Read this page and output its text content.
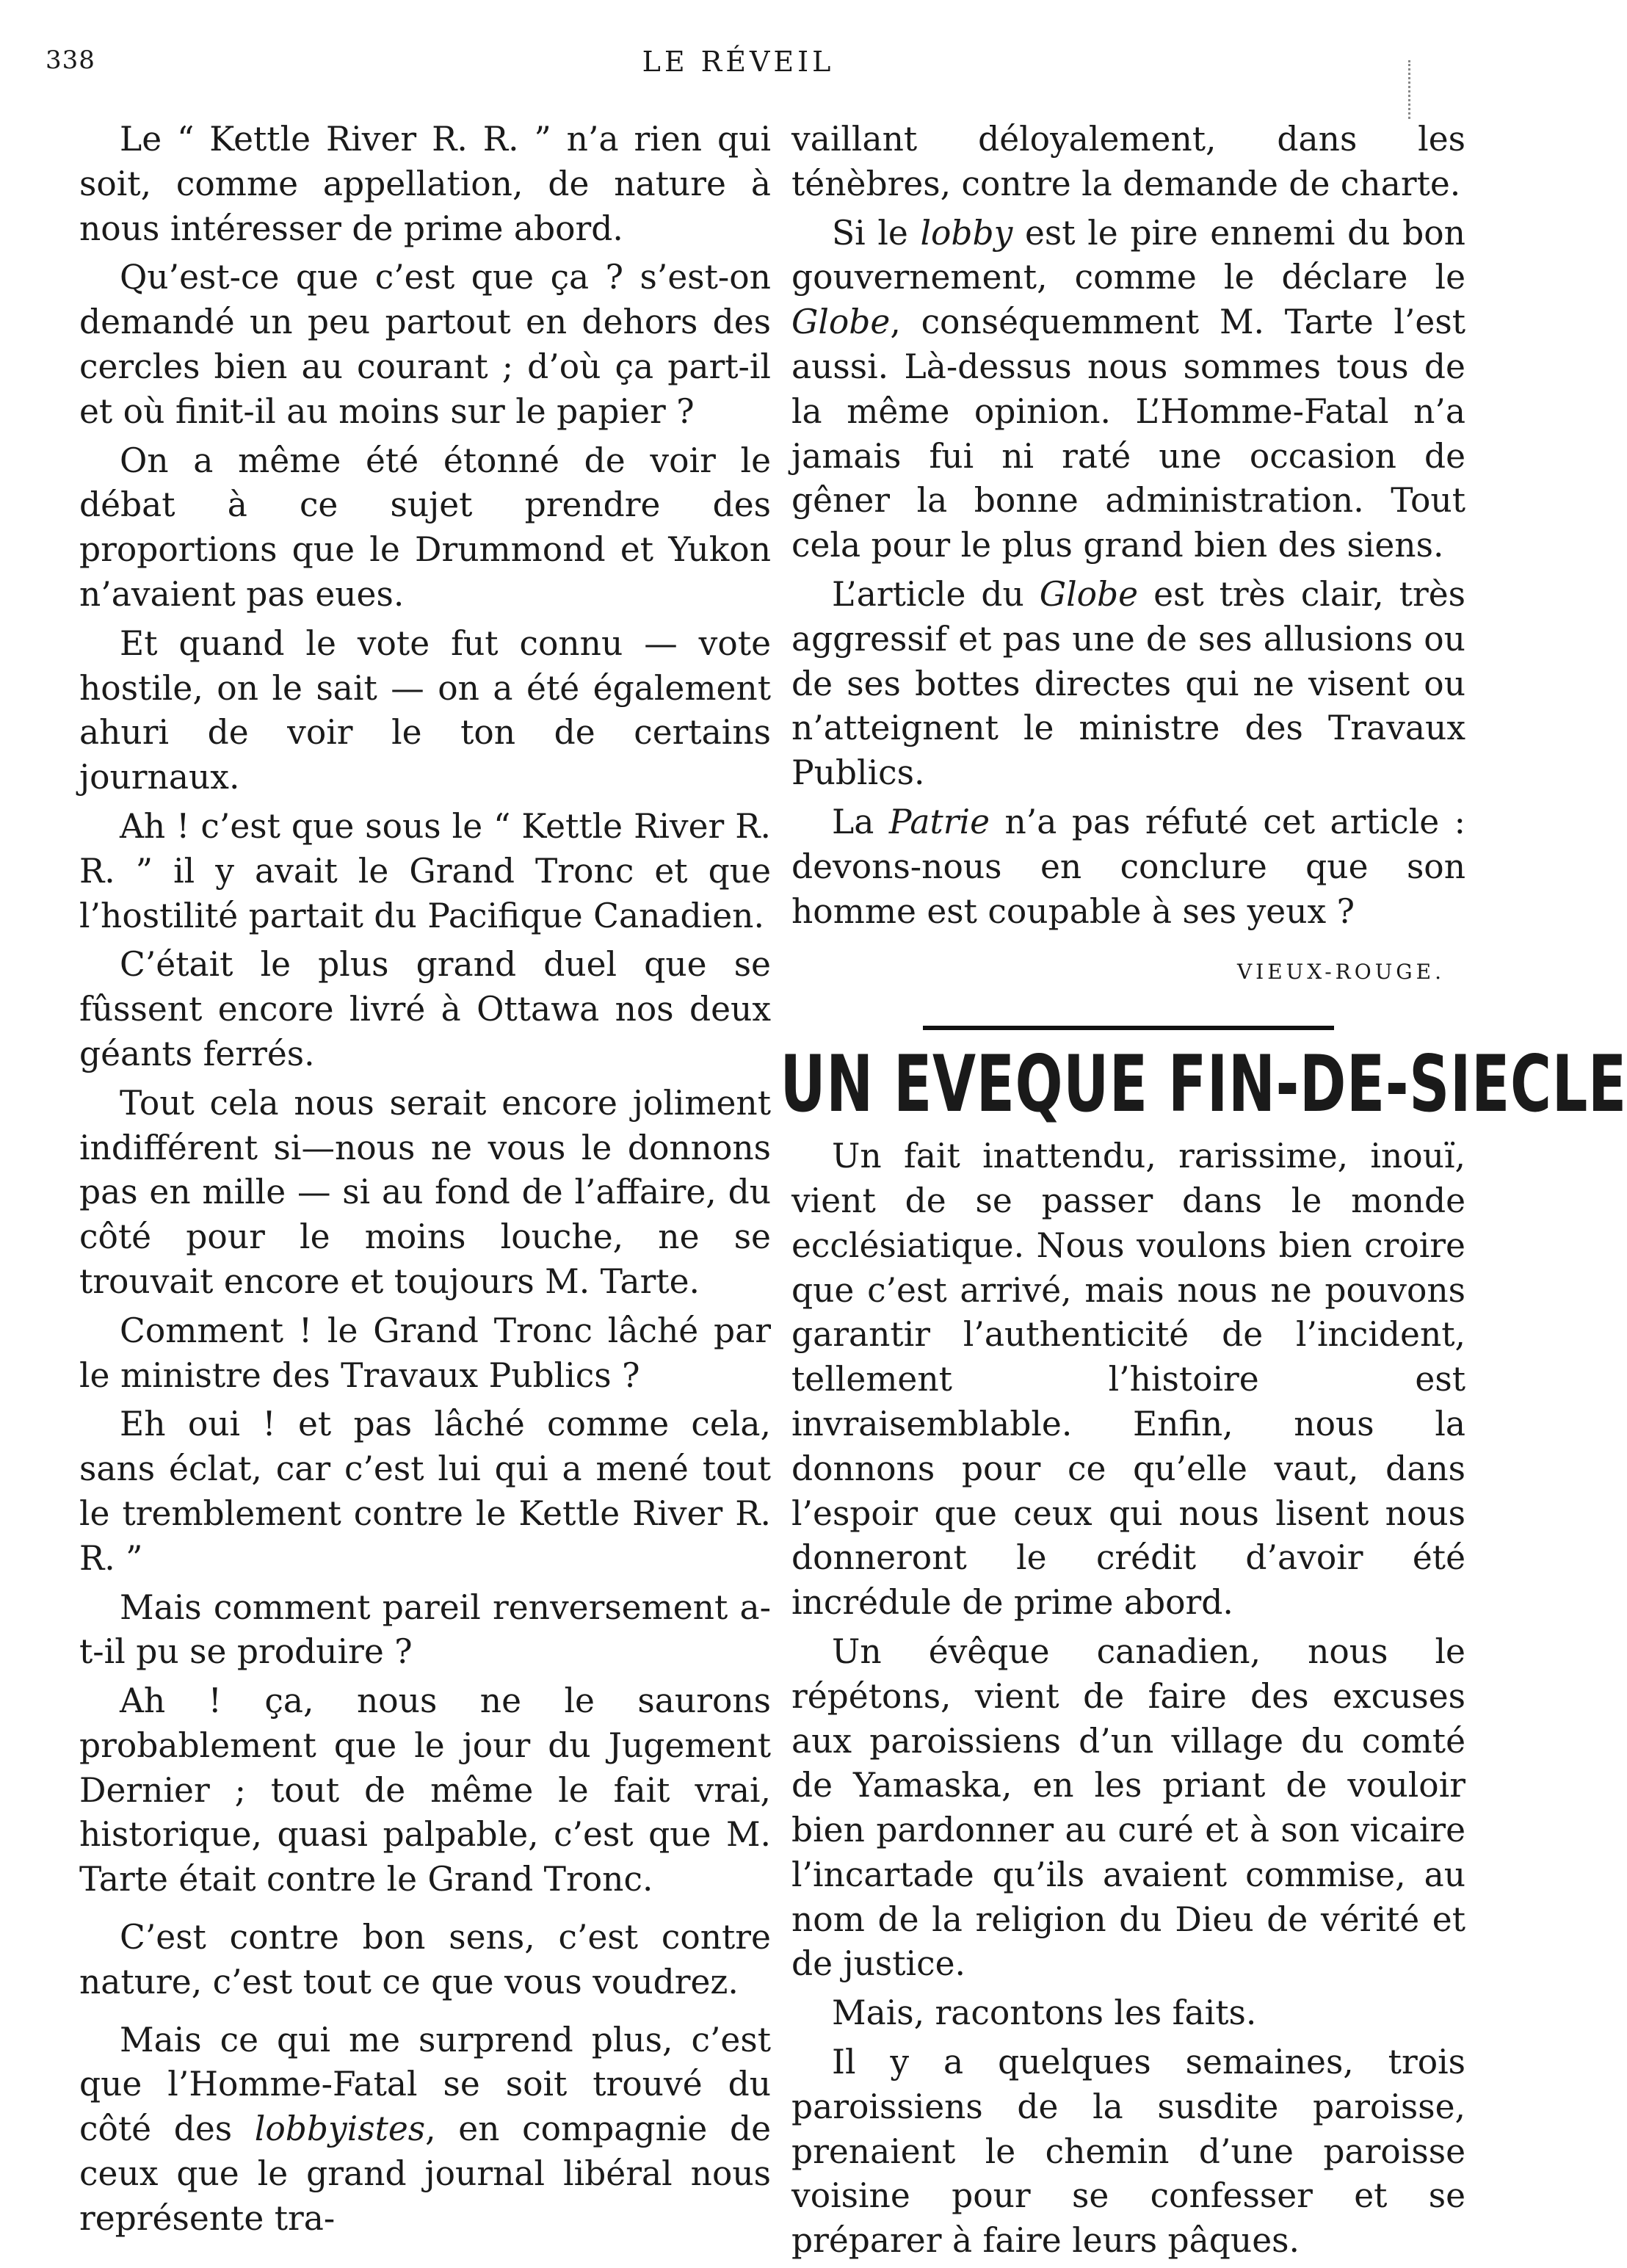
338	LE RÉVEIL

Le “ Kettle River R. R. ” n’a rien qui soit, comme appellation, de nature à nous intéresser de prime abord.

Qu’est-ce que c’est que ça ? s’est-on demandé un peu partout en dehors des cercles bien au courant ; d’où ça part-il et où finit-il au moins sur le papier ?

On a même été étonné de voir le débat à ce sujet prendre des proportions que le Drummond et Yukon n’avaient pas eues.

Et quand le vote fut connu — vote hostile, on le sait — on a été également ahuri de voir le ton de certains journaux.

Ah ! c’est que sous le “ Kettle River R. R. ” il y avait le Grand Tronc et que l’hostilité partait du Pacifique Canadien.

C’était le plus grand duel que se fûssent encore livré à Ottawa nos deux géants ferrés.

Tout cela nous serait encore joliment indifférent si—nous ne vous le donnons pas en mille — si au fond de l’affaire, du côté pour le moins louche, ne se trouvait encore et toujours M. Tarte.

Comment ! le Grand Tronc lâché par le ministre des Travaux Publics ?

Eh oui ! et pas lâché comme cela, sans éclat, car c’est lui qui a mené tout le tremblement contre le Kettle River R. R. ”

Mais comment pareil renversement a-t-il pu se produire ?

Ah ! ça, nous ne le saurons probablement que le jour du Jugement Dernier ; tout de même le fait vrai, historique, quasi palpable, c’est que M. Tarte était contre le Grand Tronc.

C’est contre bon sens, c’est contre nature, c’est tout ce que vous voudrez.

Mais ce qui me surprend plus, c’est que l’Homme-Fatal se soit trouvé du côté des lobbyistes, en compagnie de ceux que le grand journal libéral nous représente tra-

vaillant déloyalement, dans les ténèbres, contre la demande de charte.

Si le lobby est le pire ennemi du bon gouvernement, comme le déclare le Globe, conséquemment M. Tarte l’est aussi. Là-dessus nous sommes tous de la même opinion. L’Homme-Fatal n’a jamais fui ni raté une occasion de gêner la bonne administration. Tout cela pour le plus grand bien des siens.

L’article du Globe est très clair, très aggressif et pas une de ses allusions ou de ses bottes directes qui ne visent ou n’atteignent le ministre des Travaux Publics.

La Patrie n’a pas réfuté cet article : devons-nous en conclure que son homme est coupable à ses yeux ?

VIEUX-ROUGE.
UN EVEQUE FIN-DE-SIECLE

Un fait inattendu, rarissime, inouï, vient de se passer dans le monde ecclésiatique. Nous voulons bien croire que c’est arrivé, mais nous ne pouvons garantir l’authenticité de l’incident, tellement l’histoire est invraisemblable. Enfin, nous la donnons pour ce qu’elle vaut, dans l’espoir que ceux qui nous lisent nous donneront le crédit d’avoir été incrédule de prime abord.

Un évêque canadien, nous le répétons, vient de faire des excuses aux paroissiens d’un village du comté de Yamaska, en les priant de vouloir bien pardonner au curé et à son vicaire l’incartade qu’ils avaient commise, au nom de la religion du Dieu de vérité et de justice.

Mais, racontons les faits.

Il y a quelques semaines, trois paroissiens de la susdite paroisse, prenaient le chemin d’une paroisse voisine pour se confesser et se préparer à faire leurs pâques.
